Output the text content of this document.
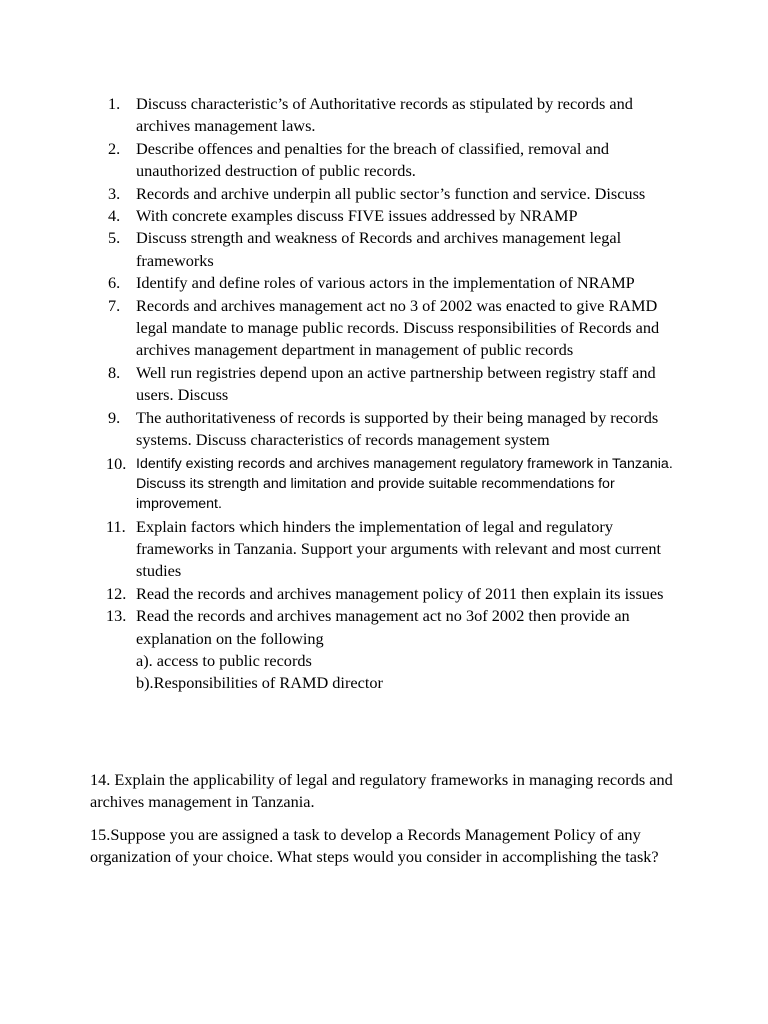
1. Discuss characteristic’s of Authoritative records as stipulated by records and archives management laws.
2. Describe offences and penalties for the breach of classified, removal and unauthorized destruction of public records.
3. Records and archive underpin all public sector’s function and service. Discuss
4. With concrete examples discuss FIVE issues addressed by NRAMP
5. Discuss strength and weakness of Records and archives management legal frameworks
6. Identify and define roles of various actors in the implementation of NRAMP
7. Records and archives management act no 3 of 2002 was enacted to give RAMD legal mandate to manage public records. Discuss responsibilities of Records and archives management department in management of public records
8. Well run registries depend upon an active partnership between registry staff and users. Discuss
9. The authoritativeness of records is supported by their being managed by records systems. Discuss characteristics of records management system
10. Identify existing records and archives management regulatory framework in Tanzania. Discuss its strength and limitation and provide suitable recommendations for improvement.
11. Explain factors which hinders the implementation of legal and regulatory frameworks in Tanzania. Support your arguments with relevant and most current studies
12. Read the records and archives management policy of 2011 then explain its issues
13. Read the records and archives management act no 3of 2002 then provide an explanation on the following
a). access to public records
b).Responsibilities of RAMD director

14. Explain the applicability of legal and regulatory frameworks in managing records and archives management in Tanzania.

15.Suppose you are assigned a task to develop a Records Management Policy of any organization of your choice. What steps would you consider in accomplishing the task?
